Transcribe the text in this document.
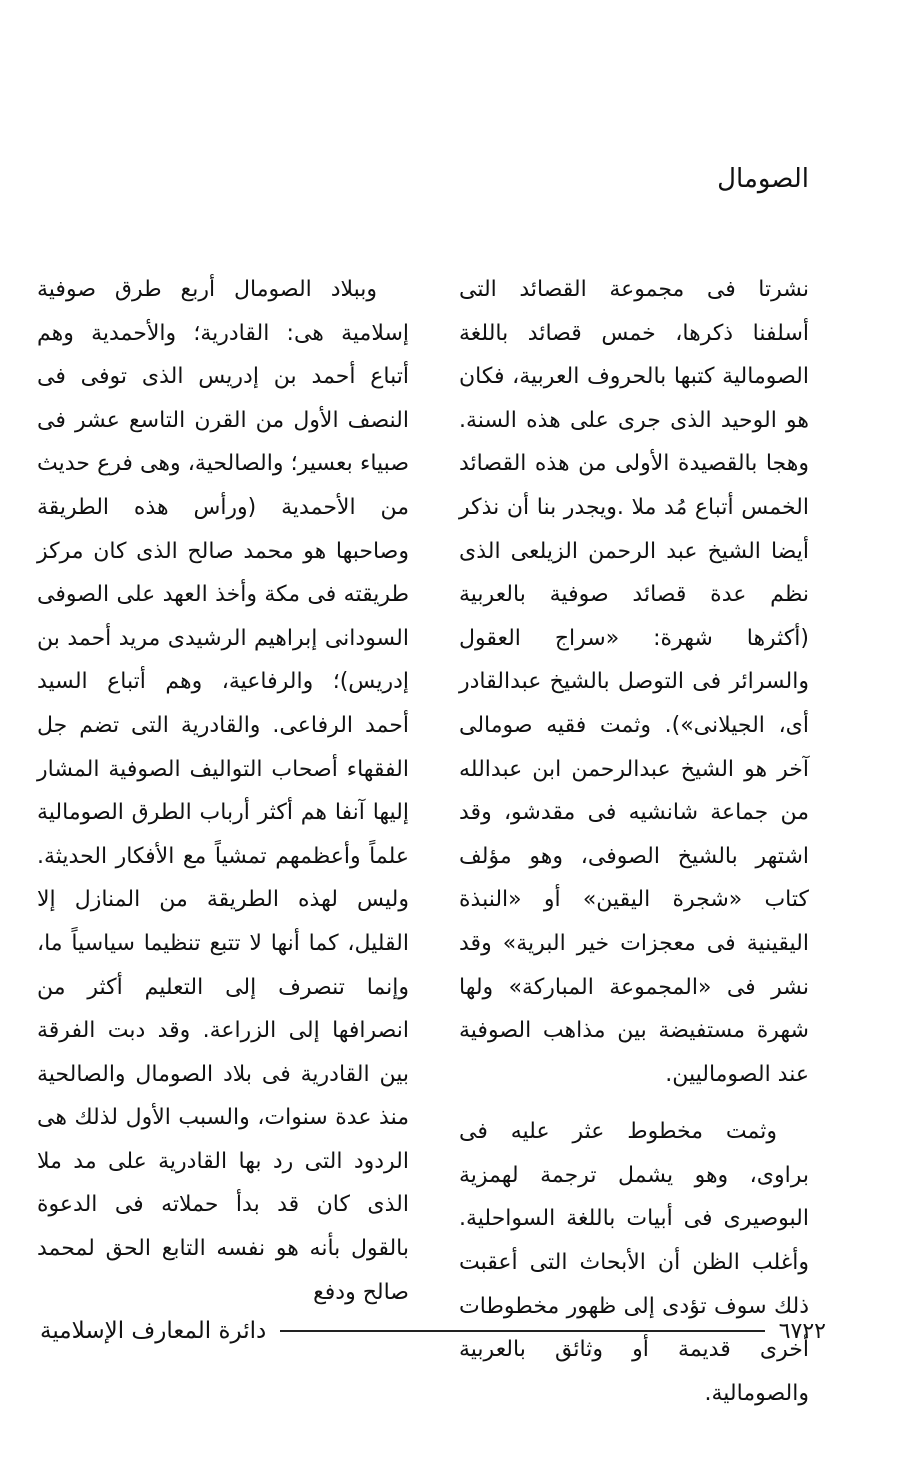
الصومال

نشرتا فى مجموعة القصائد التى أسلفنا ذكرها، خمس قصائد باللغة الصومالية كتبها بالحروف العربية، فكان هو الوحيد الذى جرى على هذه السنة. وهجا بالقصيدة الأولى من هذه القصائد الخمس أتباع مُد ملا .ويجدر بنا أن نذكر أيضا الشيخ عبد الرحمن الزيلعى الذى نظم عدة قصائد صوفية بالعربية (أكثرها شهرة: «سراج العقول والسرائر فى التوصل بالشيخ عبدالقادر أى، الجيلانى»). وثمت فقيه صومالى آخر هو الشيخ عبدالرحمن ابن عبدالله من جماعة شانشيه فى مقدشو، وقد اشتهر بالشيخ الصوفى، وهو مؤلف كتاب «شجرة اليقين» أو «النبذة اليقينية فى معجزات خير البرية» وقد نشر فى «المجموعة المباركة» ولها شهرة مستفيضة بين مذاهب الصوفية عند الصوماليين.

وثمت مخطوط عثر عليه فى براوى، وهو يشمل ترجمة لهمزية البوصيرى فى أبيات باللغة السواحلية. وأغلب الظن أن الأبحاث التى أعقبت ذلك سوف تؤدى إلى ظهور مخطوطات أخرى قديمة أو وثائق بالعربية والصومالية.

وببلاد الصومال أربع طرق صوفية إسلامية هى: القادرية؛ والأحمدية وهم أتباع أحمد بن إدريس الذى توفى فى النصف الأول من القرن التاسع عشر فى صبياء بعسير؛ والصالحية، وهى فرع حديث من الأحمدية (ورأس هذه الطريقة وصاحبها هو محمد صالح الذى كان مركز طريقته فى مكة وأخذ العهد على الصوفى السودانى إبراهيم الرشيدى مريد أحمد بن إدريس)؛ والرفاعية، وهم أتباع السيد أحمد الرفاعى. والقادرية التى تضم جل الفقهاء أصحاب التواليف الصوفية المشار إليها آنفا هم أكثر أرباب الطرق الصومالية علماً وأعظمهم تمشياً مع الأفكار الحديثة. وليس لهذه الطريقة من المنازل إلا القليل، كما أنها لا تتبع تنظيما سياسياً ما، وإنما تنصرف إلى التعليم أكثر من انصرافها إلى الزراعة. وقد دبت الفرقة بين القادرية فى بلاد الصومال والصالحية منذ عدة سنوات، والسبب الأول لذلك هى الردود التى رد بها القادرية على مد ملا الذى كان قد بدأ حملاته فى الدعوة بالقول بأنه هو نفسه التابع الحق لمحمد صالح ودفع

٦٧٢٢
دائرة المعارف الإسلامية
